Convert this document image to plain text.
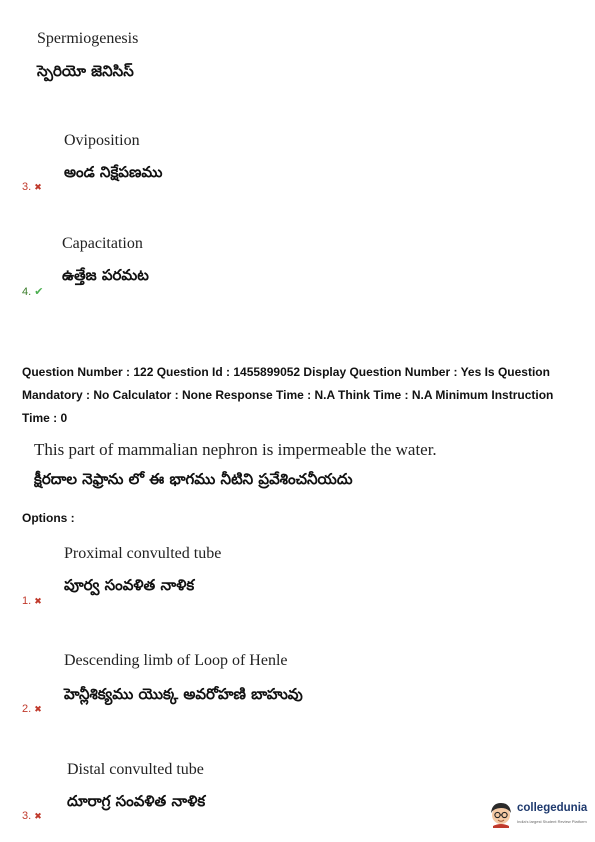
Spermiogenesis
స్పెరియో జెనిసిస్
Oviposition
అండ నిక్షేపణము
3. ✖
Capacitation
ఉత్తేజ పరమట
4. ✔
Question Number : 122 Question Id : 1455899052 Display Question Number : Yes Is Question
Mandatory : No Calculator : None Response Time : N.A Think Time : N.A Minimum Instruction
Time : 0
This part of mammalian nephron is impermeable the water.
క్షీరదాల నెఫ్రాను లో ఈ భాగము నీటిని ప్రవేశించనీయదు
Options :
Proximal convulted tube
పూర్వ సంవళిత నాళిక
1. ✖
Descending limb of Loop of Henle
హెన్లీశిక్యము యొక్క అవరోహణి బాహువు
2. ✖
Distal convulted tube
దూరాగ్ర సంవళిత నాళిక
3. ✖
collegedunia
India's largest Student Review Platform
